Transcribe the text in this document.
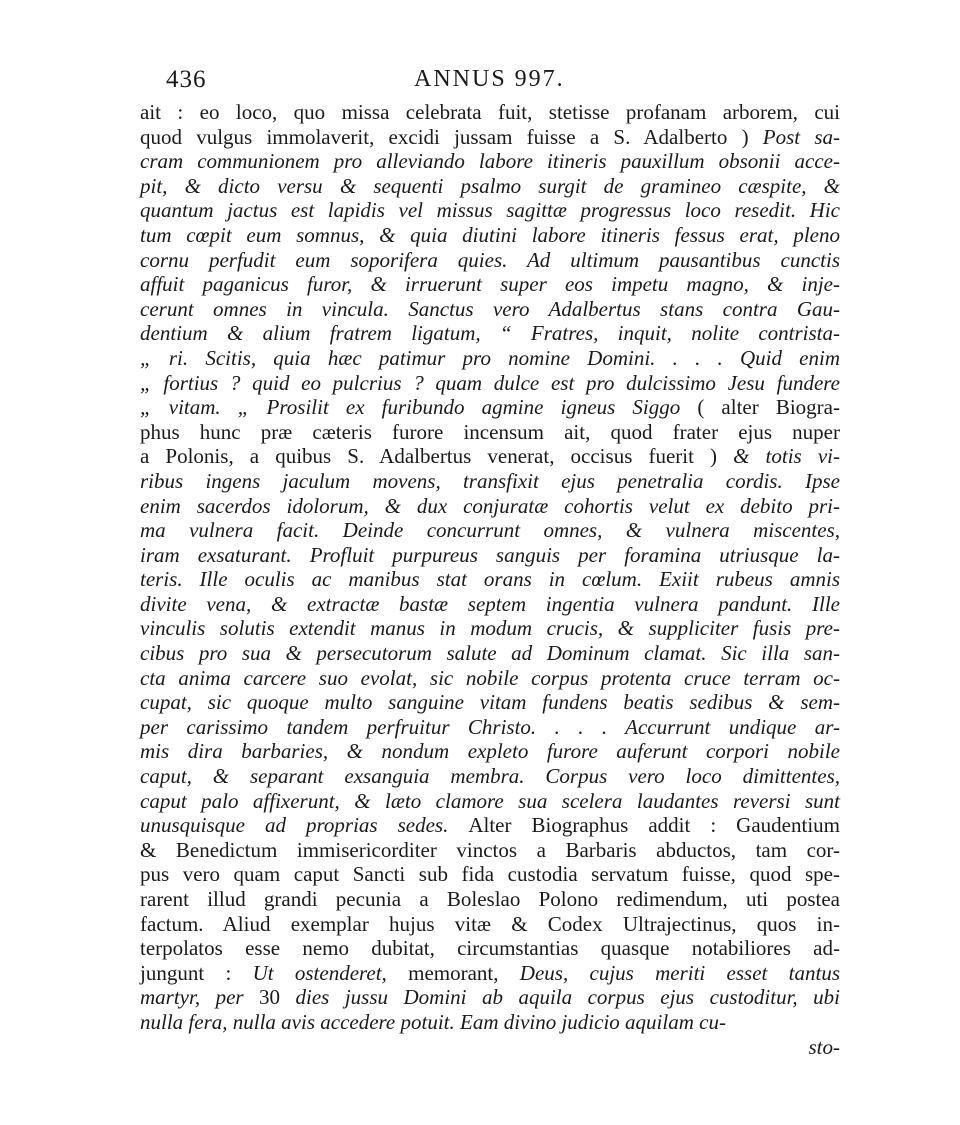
436	ANNUS 997.
ait : eo loco, quo missa celebrata fuit, stetisse profanam arborem, cui
quod vulgus immolaverit, excidi jussam fuisse a S. Adalberto ) Post sa-
cram communionem pro alleviando labore itineris pauxillum obsonii acce-
pit, & dicto versu & sequenti psalmo surgit de gramineo cæspite, &
quantum jactus est lapidis vel missus sagittæ progressus loco resedit. Hic
tum cœpit eum somnus, & quia diutini labore itineris fessus erat, pleno
cornu perfudit eum soporifera quies. Ad ultimum pausantibus cunctis
affuit paganicus furor, & irruerunt super eos impetu magno, & inje-
cerunt omnes in vincula. Sanctus vero Adalbertus stans contra Gau-
dentium & alium fratrem ligatum, “ Fratres, inquit, nolite contrista-
„ ri. Scitis, quia hæc patimur pro nomine Domini. . . . Quid enim
„ fortius ? quid eo pulcrius ? quam dulce est pro dulcissimo Jesu fundere
„ vitam. „ Prosilit ex furibundo agmine igneus Siggo ( alter Biogra-
phus hunc præ cæteris furore incensum ait, quod frater ejus nuper
a Polonis, a quibus S. Adalbertus venerat, occisus fuerit ) & totis vi-
ribus ingens jaculum movens, transfixit ejus penetralia cordis. Ipse
enim sacerdos idolorum, & dux conjuratæ cohortis velut ex debito pri-
ma vulnera facit. Deinde concurrunt omnes, & vulnera miscentes,
iram exsaturant. Profluit purpureus sanguis per foramina utriusque la-
teris. Ille oculis ac manibus stat orans in cœlum. Exiit rubeus amnis
divite vena, & extractæ bastæ septem ingentia vulnera pandunt. Ille
vinculis solutis extendit manus in modum crucis, & suppliciter fusis pre-
cibus pro sua & persecutorum salute ad Dominum clamat. Sic illa san-
cta anima carcere suo evolat, sic nobile corpus protenta cruce terram oc-
cupat, sic quoque multo sanguine vitam fundens beatis sedibus & sem-
per carissimo tandem perfruitur Christo. . . . Accurrunt undique ar-
mis dira barbaries, & nondum expleto furore auferunt corpori nobile
caput, & separant exsanguia membra. Corpus vero loco dimittentes,
caput palo affixerunt, & læto clamore sua scelera laudantes reversi sunt
unusquisque ad proprias sedes. Alter Biographus addit : Gaudentium
& Benedictum immisericorditer vinctos a Barbaris abductos, tam cor-
pus vero quam caput Sancti sub fida custodia servatum fuisse, quod spe-
rarent illud grandi pecunia a Boleslao Polono redimendum, uti postea
factum. Aliud exemplar hujus vitæ & Codex Ultrajectinus, quos in-
terpolatos esse nemo dubitat, circumstantias quasque notabiliores ad-
jungunt : Ut ostenderet, memorant, Deus, cujus meriti esset tantus
martyr, per 30 dies jussu Domini ab aquila corpus ejus custoditur, ubi
nulla fera, nulla avis accedere potuit. Eam divino judicio aquilam cu-
sto-
